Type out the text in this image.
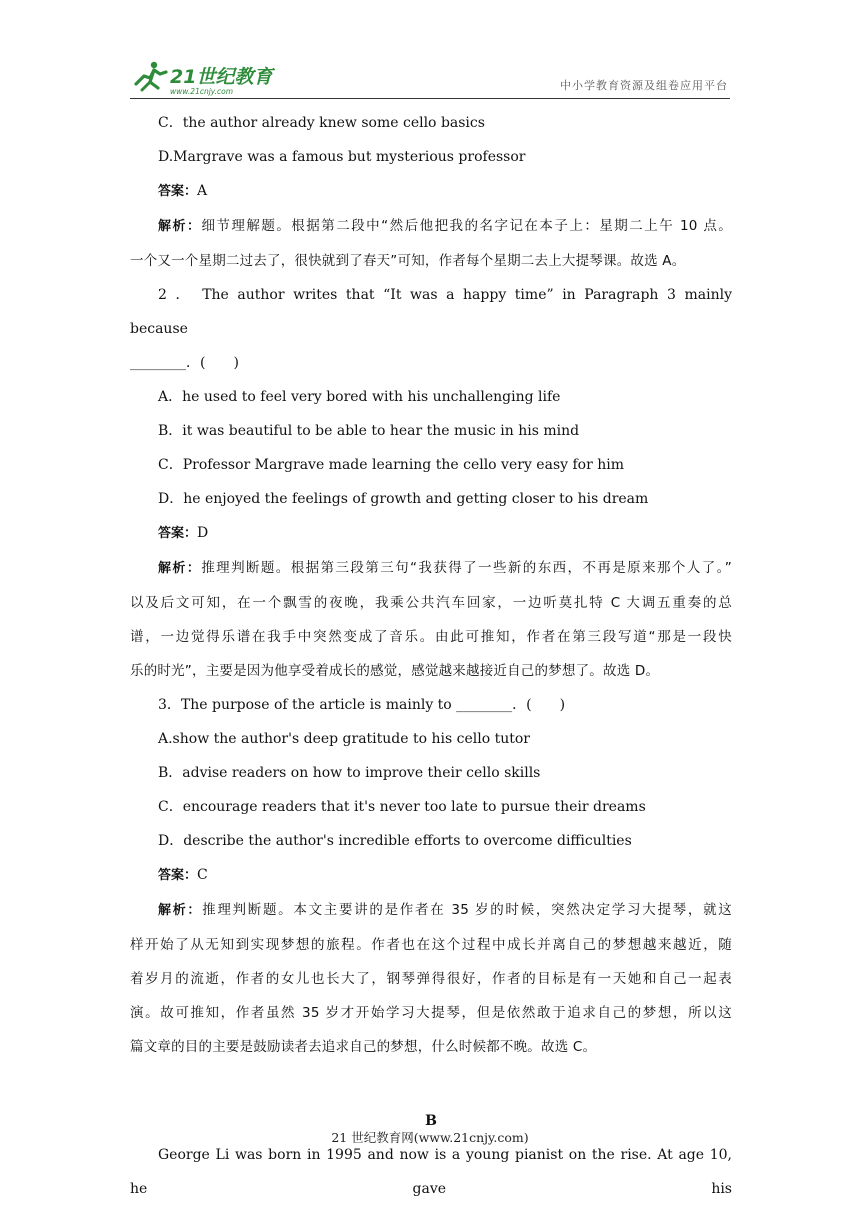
21世纪教育
www.21cnjy.com	中小学教育资源及组卷应用平台

C．the author already knew some cello basics

D.Margrave was a famous but mysterious professor

答案：A

解析：细节理解题。根据第二段中“然后他把我的名字记在本子上：星期二上午 10 点。

一个又一个星期二过去了，很快就到了春天”可知，作者每个星期二去上大提琴课。故选 A。

2 ． The author writes that “It was a happy time” in Paragraph 3 mainly because

________．(　　)

A．he used to feel very bored with his unchallenging life

B．it was beautiful to be able to hear the music in his mind

C．Professor Margrave made learning the cello very easy for him

D．he enjoyed the feelings of growth and getting closer to his dream

答案：D

解析：推理判断题。根据第三段第三句“我获得了一些新的东西，不再是原来那个人了。”

以及后文可知，在一个飘雪的夜晚，我乘公共汽车回家，一边听莫扎特 C 大调五重奏的总

谱，一边觉得乐谱在我手中突然变成了音乐。由此可推知，作者在第三段写道“那是一段快

乐的时光”，主要是因为他享受着成长的感觉，感觉越来越接近自己的梦想了。故选 D。

3．The purpose of the article is mainly to ________．(　　)

A.show the author's deep gratitude to his cello tutor

B．advise readers on how to improve their cello skills

C．encourage readers that it's never too late to pursue their dreams

D．describe the author's incredible efforts to overcome difficulties

答案：C

解析：推理判断题。本文主要讲的是作者在 35 岁的时候，突然决定学习大提琴，就这

样开始了从无知到实现梦想的旅程。作者也在这个过程中成长并离自己的梦想越来越近，随

着岁月的流逝，作者的女儿也长大了，钢琴弹得很好，作者的目标是有一天她和自己一起表

演。故可推知，作者虽然 35 岁才开始学习大提琴，但是依然敢于追求自己的梦想，所以这

篇文章的目的主要是鼓励读者去追求自己的梦想，什么时候都不晚。故选 C。

B

George Li was born in 1995 and now is a young pianist on the rise. At age 10, he gave his

21 世纪教育网(www.21cnjy.com)
